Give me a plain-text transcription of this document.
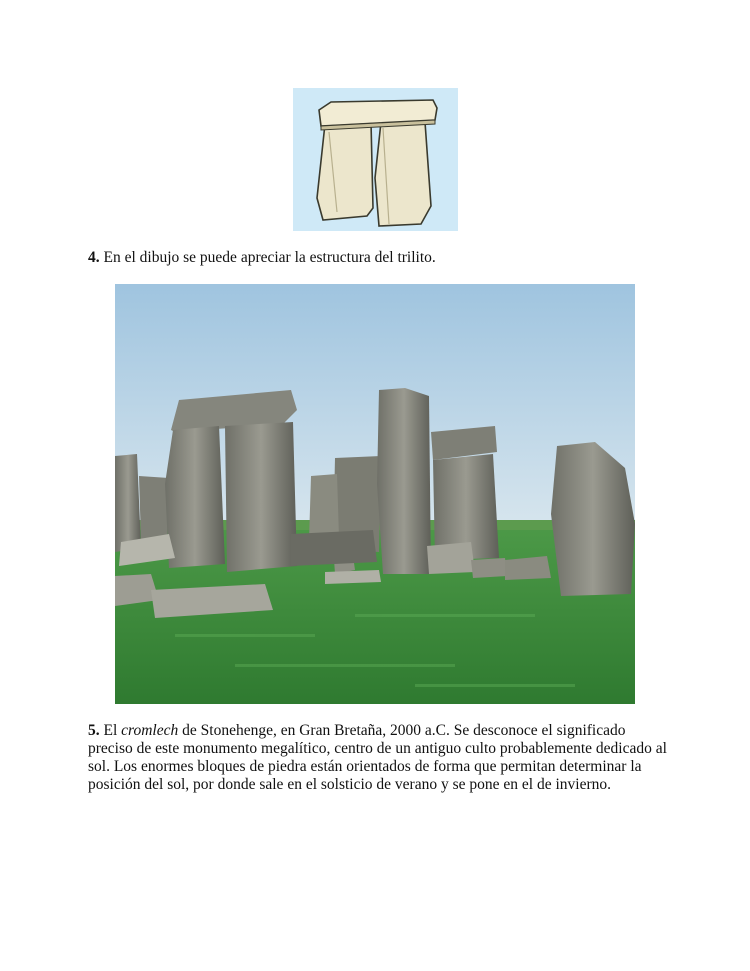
4. En el dibujo se puede apreciar la estructura del trilito.

5. El cromlech de Stonehenge, en Gran Bretaña, 2000 a.C. Se desconoce el significado preciso de este monumento megalítico, centro de un antiguo culto probablemente dedicado al sol. Los enormes bloques de piedra están orientados de forma que permitan determinar la posición del sol, por donde sale en el solsticio de verano y se pone en el de invierno.
